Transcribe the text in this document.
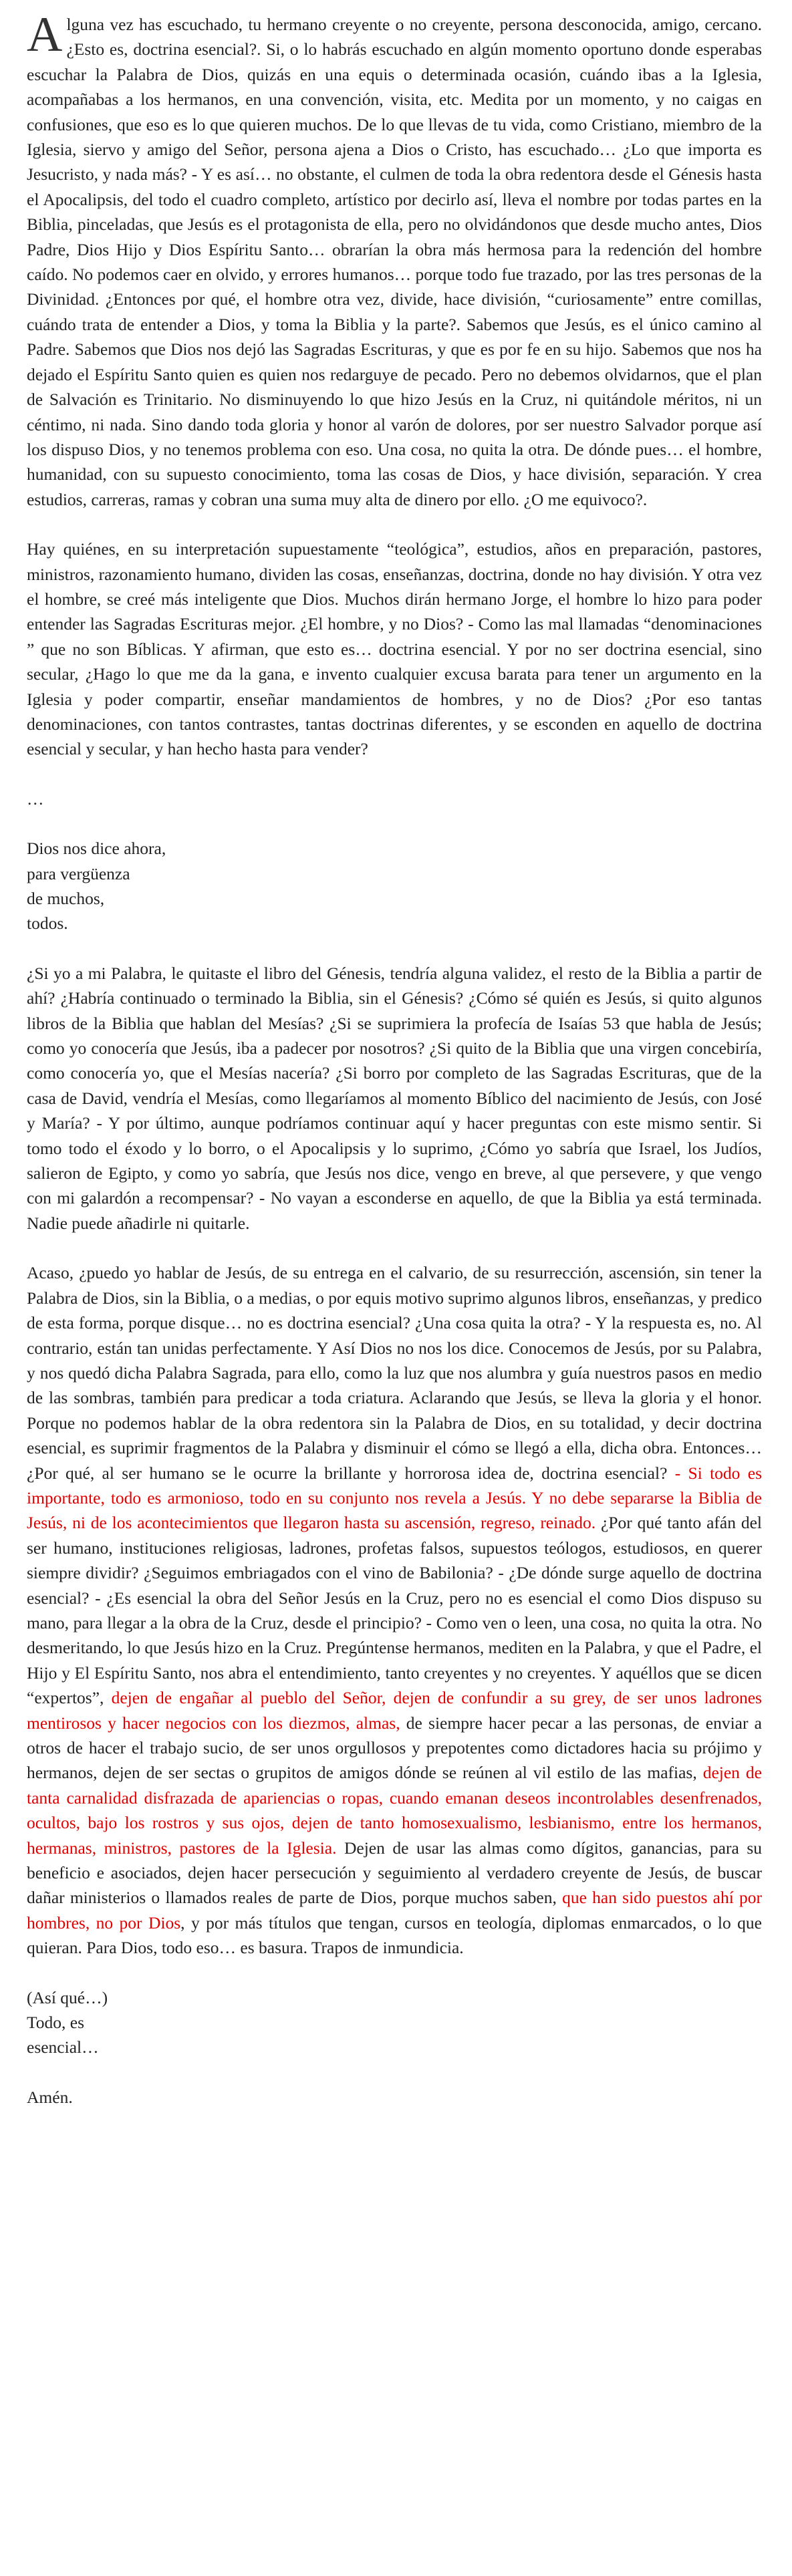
Alguna vez has escuchado, tu hermano creyente o no creyente, persona desconocida, amigo, cercano. ¿Esto es, doctrina esencial?. Si, o lo habrás escuchado en algún momento oportuno donde esperabas escuchar la Palabra de Dios, quizás en una equis o determinada ocasión, cuándo ibas a la Iglesia, acompañabas a los hermanos, en una convención, visita, etc. Medita por un momento, y no caigas en confusiones, que eso es lo que quieren muchos. De lo que llevas de tu vida, como Cristiano, miembro de la Iglesia, siervo y amigo del Señor, persona ajena a Dios o Cristo, has escuchado… ¿Lo que importa es Jesucristo, y nada más? - Y es así… no obstante, el culmen de toda la obra redentora desde el Génesis hasta el Apocalipsis, del todo el cuadro completo, artístico por decirlo así, lleva el nombre por todas partes en la Biblia, pinceladas, que Jesús es el protagonista de ella, pero no olvidándonos que desde mucho antes, Dios Padre, Dios Hijo y Dios Espíritu Santo… obrarían la obra más hermosa para la redención del hombre caído. No podemos caer en olvido, y errores humanos… porque todo fue trazado, por las tres personas de la Divinidad. ¿Entonces por qué, el hombre otra vez, divide, hace división, “curiosamente” entre comillas, cuándo trata de entender a Dios, y toma la Biblia y la parte?. Sabemos que Jesús, es el único camino al Padre. Sabemos que Dios nos dejó las Sagradas Escrituras, y que es por fe en su hijo. Sabemos que nos ha dejado el Espíritu Santo quien es quien nos redarguye de pecado. Pero no debemos olvidarnos, que el plan de Salvación es Trinitario. No disminuyendo lo que hizo Jesús en la Cruz, ni quitándole méritos, ni un céntimo, ni nada. Sino dando toda gloria y honor al varón de dolores, por ser nuestro Salvador porque así los dispuso Dios, y no tenemos problema con eso. Una cosa, no quita la otra. De dónde pues… el hombre, humanidad, con su supuesto conocimiento, toma las cosas de Dios, y hace división, separación. Y crea estudios, carreras, ramas y cobran una suma muy alta de dinero por ello. ¿O me equivoco?.

Hay quiénes, en su interpretación supuestamente “teológica”, estudios, años en preparación, pastores, ministros, razonamiento humano, dividen las cosas, enseñanzas, doctrina, donde no hay división. Y otra vez el hombre, se creé más inteligente que Dios. Muchos dirán hermano Jorge, el hombre lo hizo para poder entender las Sagradas Escrituras mejor. ¿El hombre, y no Dios? - Como las mal llamadas “denominaciones ” que no son Bíblicas. Y afirman, que esto es… doctrina esencial. Y por no ser doctrina esencial, sino secular, ¿Hago lo que me da la gana, e invento cualquier excusa barata para tener un argumento en la Iglesia y poder compartir, enseñar mandamientos de hombres, y no de Dios? ¿Por eso tantas denominaciones, con tantos contrastes, tantas doctrinas diferentes, y se esconden en aquello de doctrina esencial y secular, y han hecho hasta para vender?

…

Dios nos dice ahora,
para vergüenza
de muchos,
todos.

¿Si yo a mi Palabra, le quitaste el libro del Génesis, tendría alguna validez, el resto de la Biblia a partir de ahí? ¿Habría continuado o terminado la Biblia, sin el Génesis? ¿Cómo sé quién es Jesús, si quito algunos libros de la Biblia que hablan del Mesías? ¿Si se suprimiera la profecía de Isaías 53 que habla de Jesús; como yo conocería que Jesús, iba a padecer por nosotros? ¿Si quito de la Biblia que una virgen concebiría, como conocería yo, que el Mesías nacería? ¿Si borro por completo de las Sagradas Escrituras, que de la casa de David, vendría el Mesías, como llegaríamos al momento Bíblico del nacimiento de Jesús, con José y María? - Y por último, aunque podríamos continuar aquí y hacer preguntas con este mismo sentir. Si tomo todo el éxodo y lo borro, o el Apocalipsis y lo suprimo, ¿Cómo yo sabría que Israel, los Judíos, salieron de Egipto, y como yo sabría, que Jesús nos dice, vengo en breve, al que persevere, y que vengo con mi galardón a recompensar? - No vayan a esconderse en aquello, de que la Biblia ya está terminada. Nadie puede añadirle ni quitarle.

Acaso, ¿puedo yo hablar de Jesús, de su entrega en el calvario, de su resurrección, ascensión, sin tener la Palabra de Dios, sin la Biblia, o a medias, o por equis motivo suprimo algunos libros, enseñanzas, y predico de esta forma, porque disque… no es doctrina esencial? ¿Una cosa quita la otra? - Y la respuesta es, no. Al contrario, están tan unidas perfectamente. Y Así Dios no nos los dice. Conocemos de Jesús, por su Palabra, y nos quedó dicha Palabra Sagrada, para ello, como la luz que nos alumbra y guía nuestros pasos en medio de las sombras, también para predicar a toda criatura. Aclarando que Jesús, se lleva la gloria y el honor. Porque no podemos hablar de la obra redentora sin la Palabra de Dios, en su totalidad, y decir doctrina esencial, es suprimir fragmentos de la Palabra y disminuir el cómo se llegó a ella, dicha obra. Entonces… ¿Por qué, al ser humano se le ocurre la brillante y horrorosa idea de, doctrina esencial? - Si todo es importante, todo es armonioso, todo en su conjunto nos revela a Jesús. Y no debe separarse la Biblia de Jesús, ni de los acontecimientos que llegaron hasta su ascensión, regreso, reinado. ¿Por qué tanto afán del ser humano, instituciones religiosas, ladrones, profetas falsos, supuestos teólogos, estudiosos, en querer siempre dividir? ¿Seguimos embriagados con el vino de Babilonia? - ¿De dónde surge aquello de doctrina esencial? - ¿Es esencial la obra del Señor Jesús en la Cruz, pero no es esencial el como Dios dispuso su mano, para llegar a la obra de la Cruz, desde el principio? - Como ven o leen, una cosa, no quita la otra. No desmeritando, lo que Jesús hizo en la Cruz. Pregúntense hermanos, mediten en la Palabra, y que el Padre, el Hijo y El Espíritu Santo, nos abra el entendimiento, tanto creyentes y no creyentes. Y aquéllos que se dicen “expertos”, dejen de engañar al pueblo del Señor, dejen de confundir a su grey, de ser unos ladrones mentirosos y hacer negocios con los diezmos, almas, de siempre hacer pecar a las personas, de enviar a otros de hacer el trabajo sucio, de ser unos orgullosos y prepotentes como dictadores hacia su prójimo y hermanos, dejen de ser sectas o grupitos de amigos dónde se reúnen al vil estilo de las mafias, dejen de tanta carnalidad disfrazada de apariencias o ropas, cuando emanan deseos incontrolables desenfrenados, ocultos, bajo los rostros y sus ojos, dejen de tanto homosexualismo, lesbianismo, entre los hermanos, hermanas, ministros, pastores de la Iglesia. Dejen de usar las almas como dígitos, ganancias, para su beneficio e asociados, dejen hacer persecución y seguimiento al verdadero creyente de Jesús, de buscar dañar ministerios o llamados reales de parte de Dios, porque muchos saben, que han sido puestos ahí por hombres, no por Dios, y por más títulos que tengan, cursos en teología, diplomas enmarcados, o lo que quieran. Para Dios, todo eso… es basura. Trapos de inmundicia.

(Así qué…)
Todo, es
esencial…

Amén.
